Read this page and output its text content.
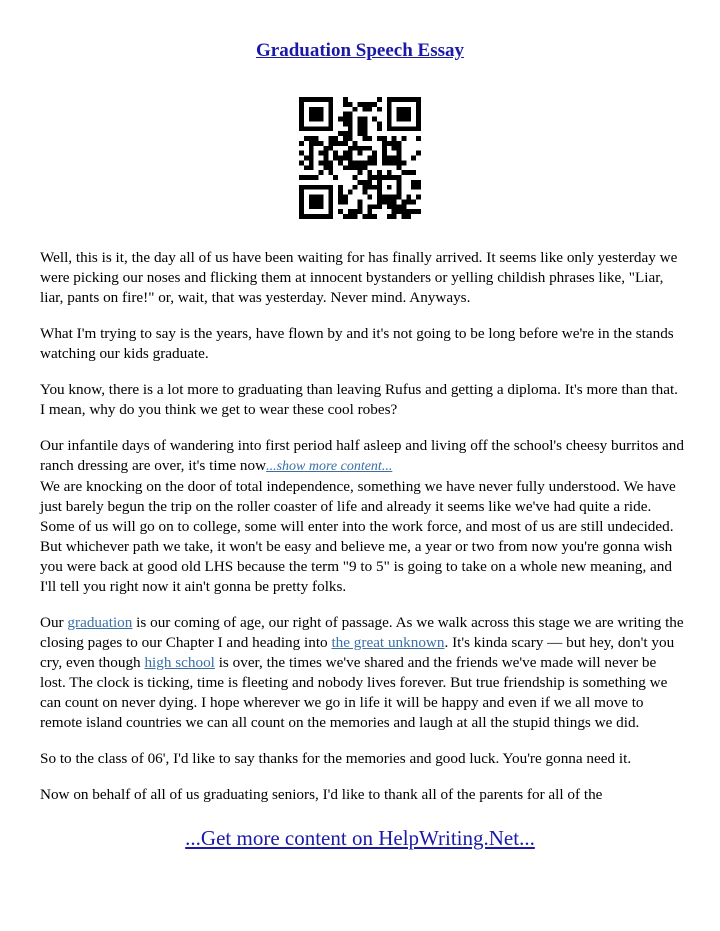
Graduation Speech Essay

Well, this is it, the day all of us have been waiting for has finally arrived. It seems like only yesterday we were picking our noses and flicking them at innocent bystanders or yelling childish phrases like, "Liar, liar, pants on fire!" or, wait, that was yesterday. Never mind. Anyways.

What I'm trying to say is the years, have flown by and it's not going to be long before we're in the stands watching our kids graduate.

You know, there is a lot more to graduating than leaving Rufus and getting a diploma. It's more than that. I mean, why do you think we get to wear these cool robes?

Our infantile days of wandering into first period half asleep and living off the school's cheesy burritos and ranch dressing are over, it's time now...show more content...

We are knocking on the door of total independence, something we have never fully understood. We have just barely begun the trip on the roller coaster of life and already it seems like we've had quite a ride. Some of us will go on to college, some will enter into the work force, and most of us are still undecided. But whichever path we take, it won't be easy and believe me, a year or two from now you're gonna wish you were back at good old LHS because the term "9 to 5" is going to take on a whole new meaning, and I'll tell you right now it ain't gonna be pretty folks.

Our graduation is our coming of age, our right of passage. As we walk across this stage we are writing the closing pages to our Chapter I and heading into the great unknown. It's kinda scary — but hey, don't you cry, even though high school is over, the times we've shared and the friends we've made will never be lost. The clock is ticking, time is fleeting and nobody lives forever. But true friendship is something we can count on never dying. I hope wherever we go in life it will be happy and even if we all move to remote island countries we can all count on the memories and laugh at all the stupid things we did.

So to the class of 06', I'd like to say thanks for the memories and good luck. You're gonna need it.

Now on behalf of all of us graduating seniors, I'd like to thank all of the parents for all of the

...Get more content on HelpWriting.Net...
